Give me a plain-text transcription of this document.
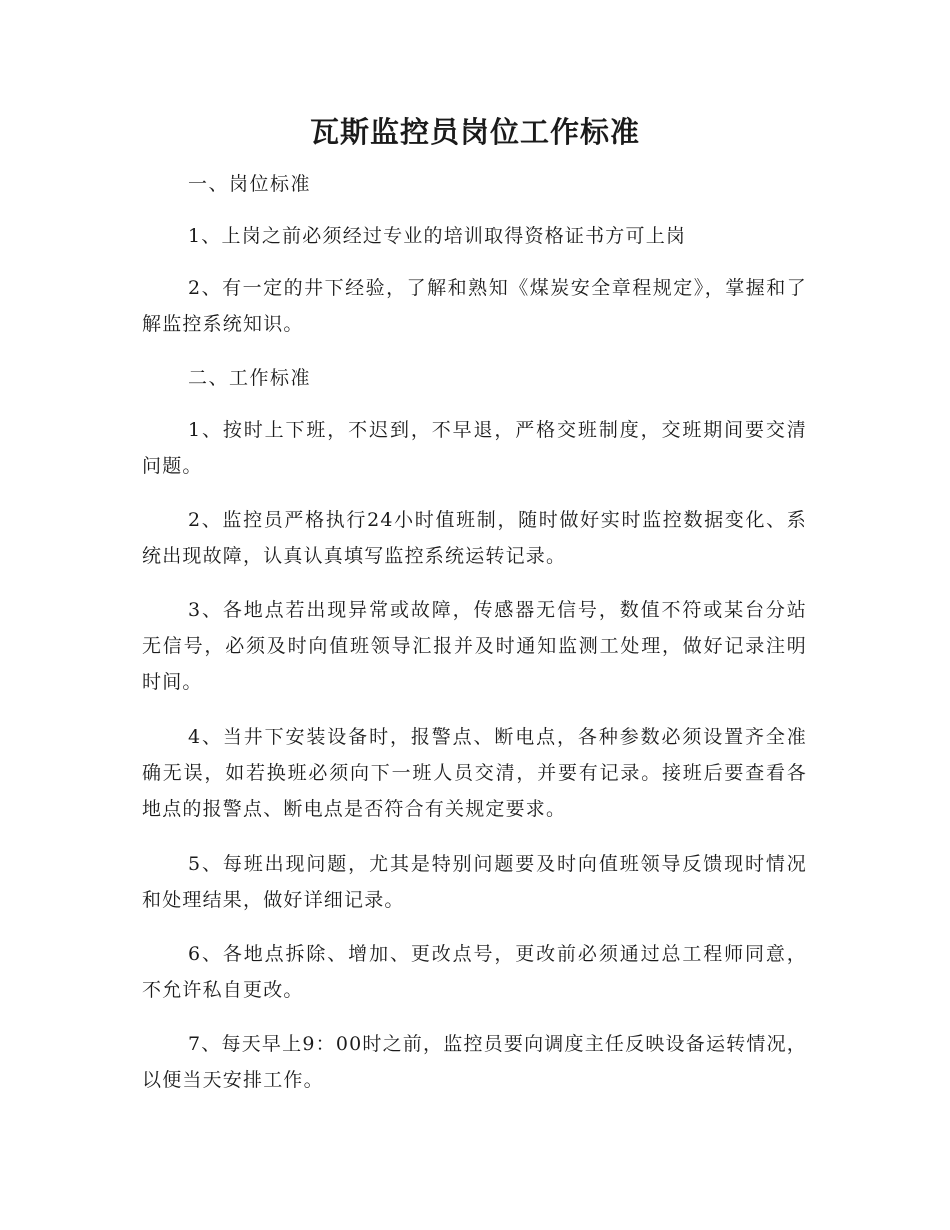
瓦斯监控员岗位工作标准

一、岗位标准

1、上岗之前必须经过专业的培训取得资格证书方可上岗

2、有一定的井下经验，了解和熟知《煤炭安全章程规定》，掌握和了解监控系统知识。

二、工作标准

1、按时上下班，不迟到，不早退，严格交班制度，交班期间要交清问题。

2、监控员严格执行24小时值班制，随时做好实时监控数据变化、系统出现故障，认真认真填写监控系统运转记录。

3、各地点若出现异常或故障，传感器无信号，数值不符或某台分站无信号，必须及时向值班领导汇报并及时通知监测工处理，做好记录注明时间。

4、当井下安装设备时，报警点、断电点，各种参数必须设置齐全准确无误，如若换班必须向下一班人员交清，并要有记录。接班后要查看各地点的报警点、断电点是否符合有关规定要求。

5、每班出现问题，尤其是特别问题要及时向值班领导反馈现时情况和处理结果，做好详细记录。

6、各地点拆除、增加、更改点号，更改前必须通过总工程师同意，不允许私自更改。

7、每天早上9：00时之前，监控员要向调度主任反映设备运转情况，以便当天安排工作。
